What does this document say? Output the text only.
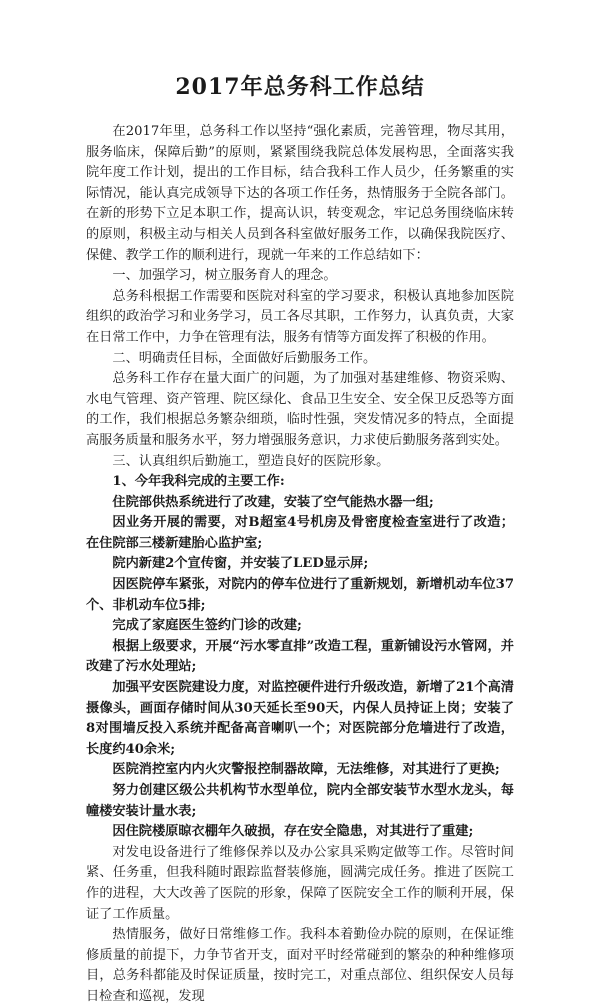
2017年总务科工作总结

在2017年里，总务科工作以坚持“强化素质，完善管理，物尽其用，服务临床，保障后勤”的原则，紧紧围绕我院总体发展构思，全面落实我院年度工作计划，提出的工作目标，结合我科工作人员少，任务繁重的实际情况，能认真完成领导下达的各项工作任务，热情服务于全院各部门。在新的形势下立足本职工作，提高认识，转变观念，牢记总务围绕临床转的原则，积极主动与相关人员到各科室做好服务工作，以确保我院医疗、保健、教学工作的顺利进行，现就一年来的工作总结如下：

一、加强学习，树立服务育人的理念。

总务科根据工作需要和医院对科室的学习要求，积极认真地参加医院组织的政治学习和业务学习，员工各尽其职，工作努力，认真负责，大家在日常工作中，力争在管理有法，服务有情等方面发挥了积极的作用。

二、明确责任目标，全面做好后勤服务工作。

总务科工作存在量大面广的问题，为了加强对基建维修、物资采购、水电气管理、资产管理、院区绿化、食品卫生安全、安全保卫反恐等方面的工作，我们根据总务繁杂细琐，临时性强，突发情况多的特点，全面提高服务质量和服务水平，努力增强服务意识，力求使后勤服务落到实处。

三、认真组织后勤施工，塑造良好的医院形象。

1、今年我科完成的主要工作:

住院部供热系统进行了改建，安装了空气能热水器一组;

因业务开展的需要，对B超室4号机房及骨密度检查室进行了改造；在住院部三楼新建胎心监护室;

院内新建2个宣传窗，并安装了LED显示屏;

因医院停车紧张，对院内的停车位进行了重新规划，新增机动车位37个、非机动车位5排;

完成了家庭医生签约门诊的改建;

根据上级要求，开展“污水零直排”改造工程，重新铺设污水管网，并改建了污水处理站;

加强平安医院建设力度，对监控硬件进行升级改造，新增了21个高清摄像头，画面存储时间从30天延长至90天，内保人员持证上岗；安装了8对围墙反投入系统并配备高音喇叭一个；对医院部分危墙进行了改造，长度约40余米;

医院消控室内内火灾警报控制器故障，无法维修，对其进行了更换;

努力创建区级公共机构节水型单位，院内全部安装节水型水龙头，每幢楼安装计量水表;

因住院楼原晾衣棚年久破损，存在安全隐患，对其进行了重建;

对发电设备进行了维修保养以及办公家具采购定做等工作。尽管时间紧、任务重，但我科随时跟踪监督装修施，圆满完成任务。推进了医院工作的进程，大大改善了医院的形象，保障了医院安全工作的顺利开展，保证了工作质量。

热情服务，做好日常维修工作。我科本着勤俭办院的原则，在保证维修质量的前提下，力争节省开支，面对平时经常碰到的繁杂的种种维修项目，总务科都能及时保证质量，按时完工，对重点部位、组织保安人员每日检查和巡视，发现
